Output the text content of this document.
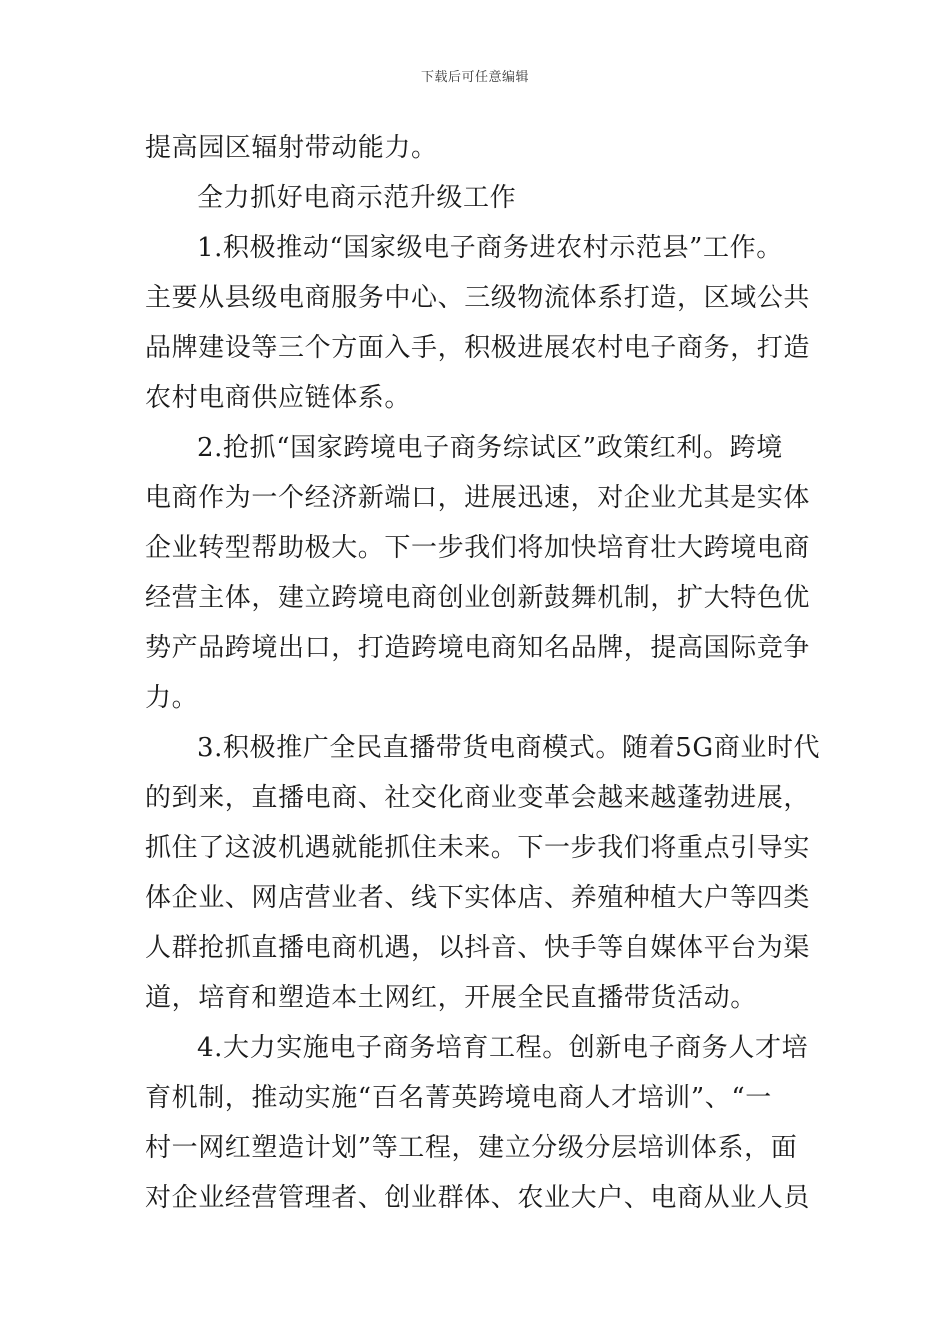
下载后可任意编辑
提高园区辐射带动能力。
全力抓好电商示范升级工作
1.积极推动“国家级电子商务进农村示范县”工作。
主要从县级电商服务中心、三级物流体系打造，区域公共
品牌建设等三个方面入手，积极进展农村电子商务，打造
农村电商供应链体系。
2.抢抓“国家跨境电子商务综试区”政策红利。跨境
电商作为一个经济新端口，进展迅速，对企业尤其是实体
企业转型帮助极大。下一步我们将加快培育壮大跨境电商
经营主体，建立跨境电商创业创新鼓舞机制，扩大特色优
势产品跨境出口，打造跨境电商知名品牌，提高国际竞争
力。
3.积极推广全民直播带货电商模式。随着5G商业时代
的到来，直播电商、社交化商业变革会越来越蓬勃进展，
抓住了这波机遇就能抓住未来。下一步我们将重点引导实
体企业、网店营业者、线下实体店、养殖种植大户等四类
人群抢抓直播电商机遇，以抖音、快手等自媒体平台为渠
道，培育和塑造本土网红，开展全民直播带货活动。
4.大力实施电子商务培育工程。创新电子商务人才培
育机制，推动实施“百名菁英跨境电商人才培训”、“一
村一网红塑造计划”等工程，建立分级分层培训体系，面
对企业经营管理者、创业群体、农业大户、电商从业人员
